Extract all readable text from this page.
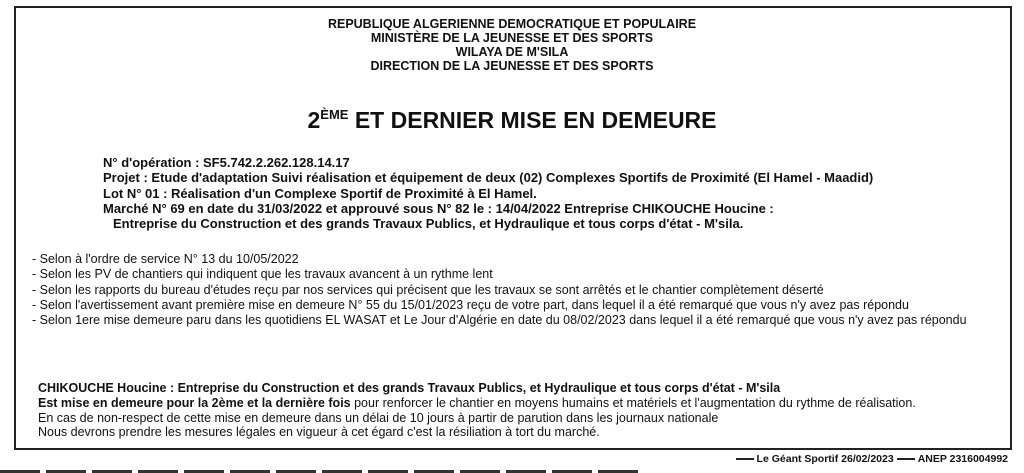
REPUBLIQUE ALGERIENNE DEMOCRATIQUE ET POPULAIRE
MINISTÈRE DE LA JEUNESSE ET DES SPORTS
WILAYA DE M'SILA
DIRECTION DE LA JEUNESSE ET DES SPORTS
2ÈME ET DERNIER MISE EN DEMEURE
N° d'opération : SF5.742.2.262.128.14.17
Projet : Etude d'adaptation Suivi réalisation et équipement de deux (02) Complexes Sportifs de Proximité (El Hamel - Maadid)
Lot N° 01 : Réalisation d'un Complexe Sportif de Proximité à El Hamel.
Marché N° 69 en date du 31/03/2022 et approuvé sous N° 82 le : 14/04/2022 Entreprise CHIKOUCHE Houcine :
Entreprise du Construction et des grands Travaux Publics, et Hydraulique et tous corps d'état - M'sila.
- Selon à l'ordre de service N° 13 du 10/05/2022
- Selon les PV de chantiers qui indiquent que les travaux avancent à un rythme lent
- Selon les rapports du bureau d'études reçu par nos services qui précisent que les travaux se sont arrêtés et le chantier complètement déserté
- Selon l'avertissement avant première mise en demeure N° 55 du 15/01/2023 reçu de votre part, dans lequel il a été remarqué que vous n'y avez pas répondu
- Selon 1ere mise demeure paru dans les quotidiens EL WASAT et Le Jour d'Algérie en date du 08/02/2023 dans lequel il a été remarqué que vous n'y avez pas répondu
CHIKOUCHE Houcine : Entreprise du Construction et des grands Travaux Publics, et Hydraulique et tous corps d'état - M'sila
Est mise en demeure pour la 2ème et la dernière fois pour renforcer le chantier en moyens humains et matériels et l'augmentation du rythme de réalisation.
En cas de non-respect de cette mise en demeure dans un délai de 10 jours à partir de parution dans les journaux nationale
Nous devrons prendre les mesures légales en vigueur à cet égard c'est la résiliation à tort du marché.
Le Géant Sportif 26/02/2023 ANEP 2316004992
